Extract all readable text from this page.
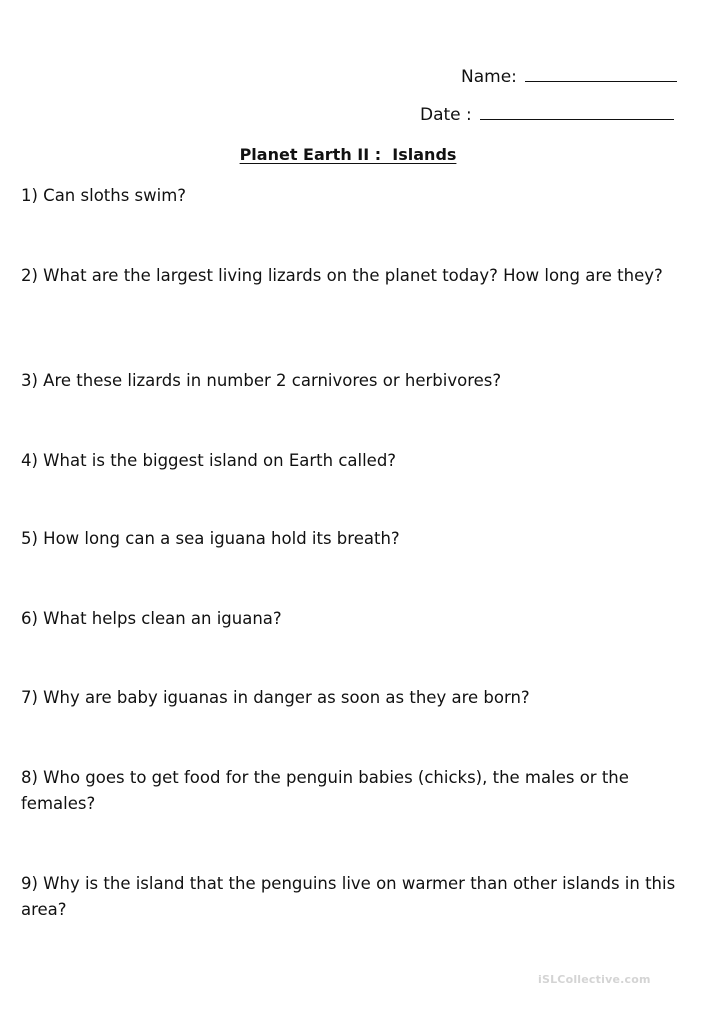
Name:
Date :
Planet Earth II :  Islands

1) Can sloths swim?

2) What are the largest living lizards on the planet today? How long are they?

3) Are these lizards in number 2 carnivores or herbivores?

4) What is the biggest island on Earth called?

5) How long can a sea iguana hold its breath?

6) What helps clean an iguana?

7) Why are baby iguanas in danger as soon as they are born?

8) Who goes to get food for the penguin babies (chicks), the males or the females?

9) Why is the island that the penguins live on warmer than other islands in this area?

iSLCollective.com
